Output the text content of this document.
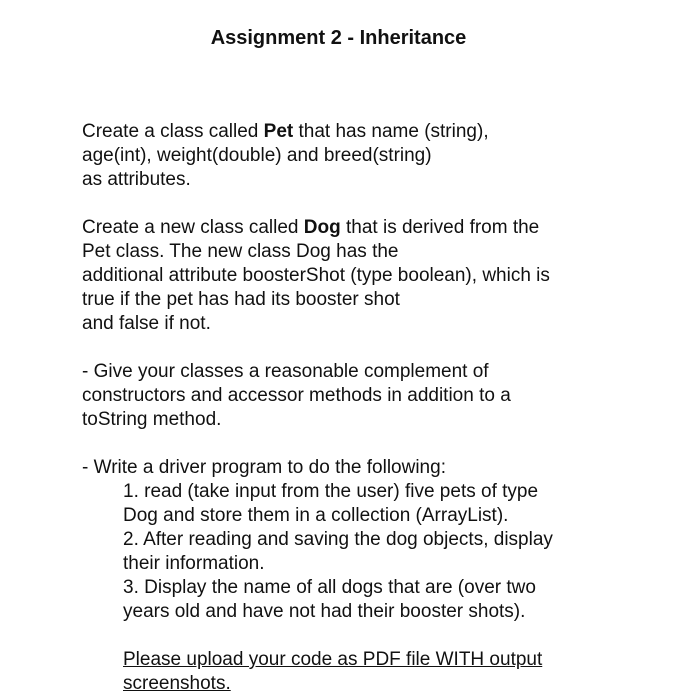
Assignment 2 - Inheritance
Create a class called Pet that has name (string),
age(int), weight(double) and breed(string)
as attributes.
Create a new class called Dog that is derived from the
Pet class. The new class Dog has the
additional attribute boosterShot (type boolean), which is
true if the pet has had its booster shot
and false if not.
- Give your classes a reasonable complement of
constructors and accessor methods in addition to a
toString method.
- Write a driver program to do the following:
1. read (take input from the user) five pets of type
Dog and store them in a collection (ArrayList).
2. After reading and saving the dog objects, display
their information.
3. Display the name of all dogs that are (over two
years old and have not had their booster shots).
Please upload your code as PDF file WITH output
screenshots.
